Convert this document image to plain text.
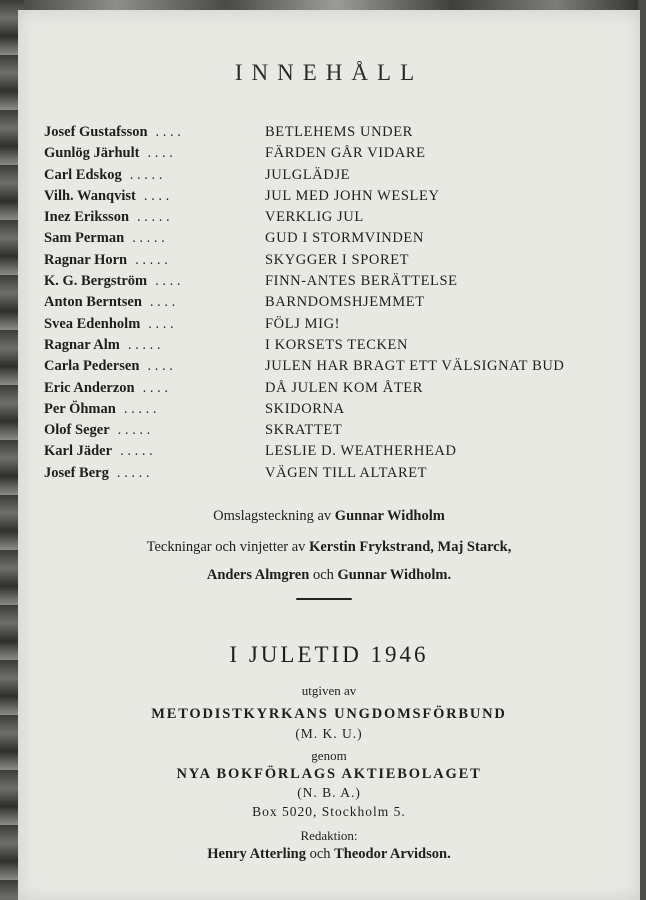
INNEHÅLL
Josef Gustafsson . . . .	BETLEHEMS UNDER
Gunlög Järhult . . . .	FÄRDEN GÅR VIDARE
Carl Edskog . . . . .	JULGLÄDJE
Vilh. Wanqvist . . . .	JUL MED JOHN WESLEY
Inez Eriksson . . . . .	VERKLIG JUL
Sam Perman . . . . .	GUD I STORMVINDEN
Ragnar Horn . . . . .	SKYGGER I SPORET
K. G. Bergström . . . .	FINN-ANTES BERÄTTELSE
Anton Berntsen . . . .	BARNDOMSHJEMMET
Svea Edenholm . . . .	FÖLJ MIG!
Ragnar Alm . . . . .	I KORSETS TECKEN
Carla Pedersen . . . .	JULEN HAR BRAGT ETT VÄLSIGNAT BUD
Eric Anderzon . . . .	DÅ JULEN KOM ÅTER
Per Öhman . . . . .	SKIDORNA
Olof Seger . . . . .	SKRATTET
Karl Jäder . . . . .	LESLIE D. WEATHERHEAD
Josef Berg . . . . .	VÄGEN TILL ALTARET
Omslagsteckning av Gunnar Widholm
Teckningar och vinjetter av Kerstin Frykstrand, Maj Starck,
Anders Almgren och Gunnar Widholm.
I JULETID 1946
utgiven av
METODISTKYRKANS UNGDOMSFÖRBUND
(M. K. U.)
genom
NYA BOKFÖRLAGS AKTIEBOLAGET
(N. B. A.)
Box 5020, Stockholm 5.
Redaktion:
Henry Atterling och Theodor Arvidson.
